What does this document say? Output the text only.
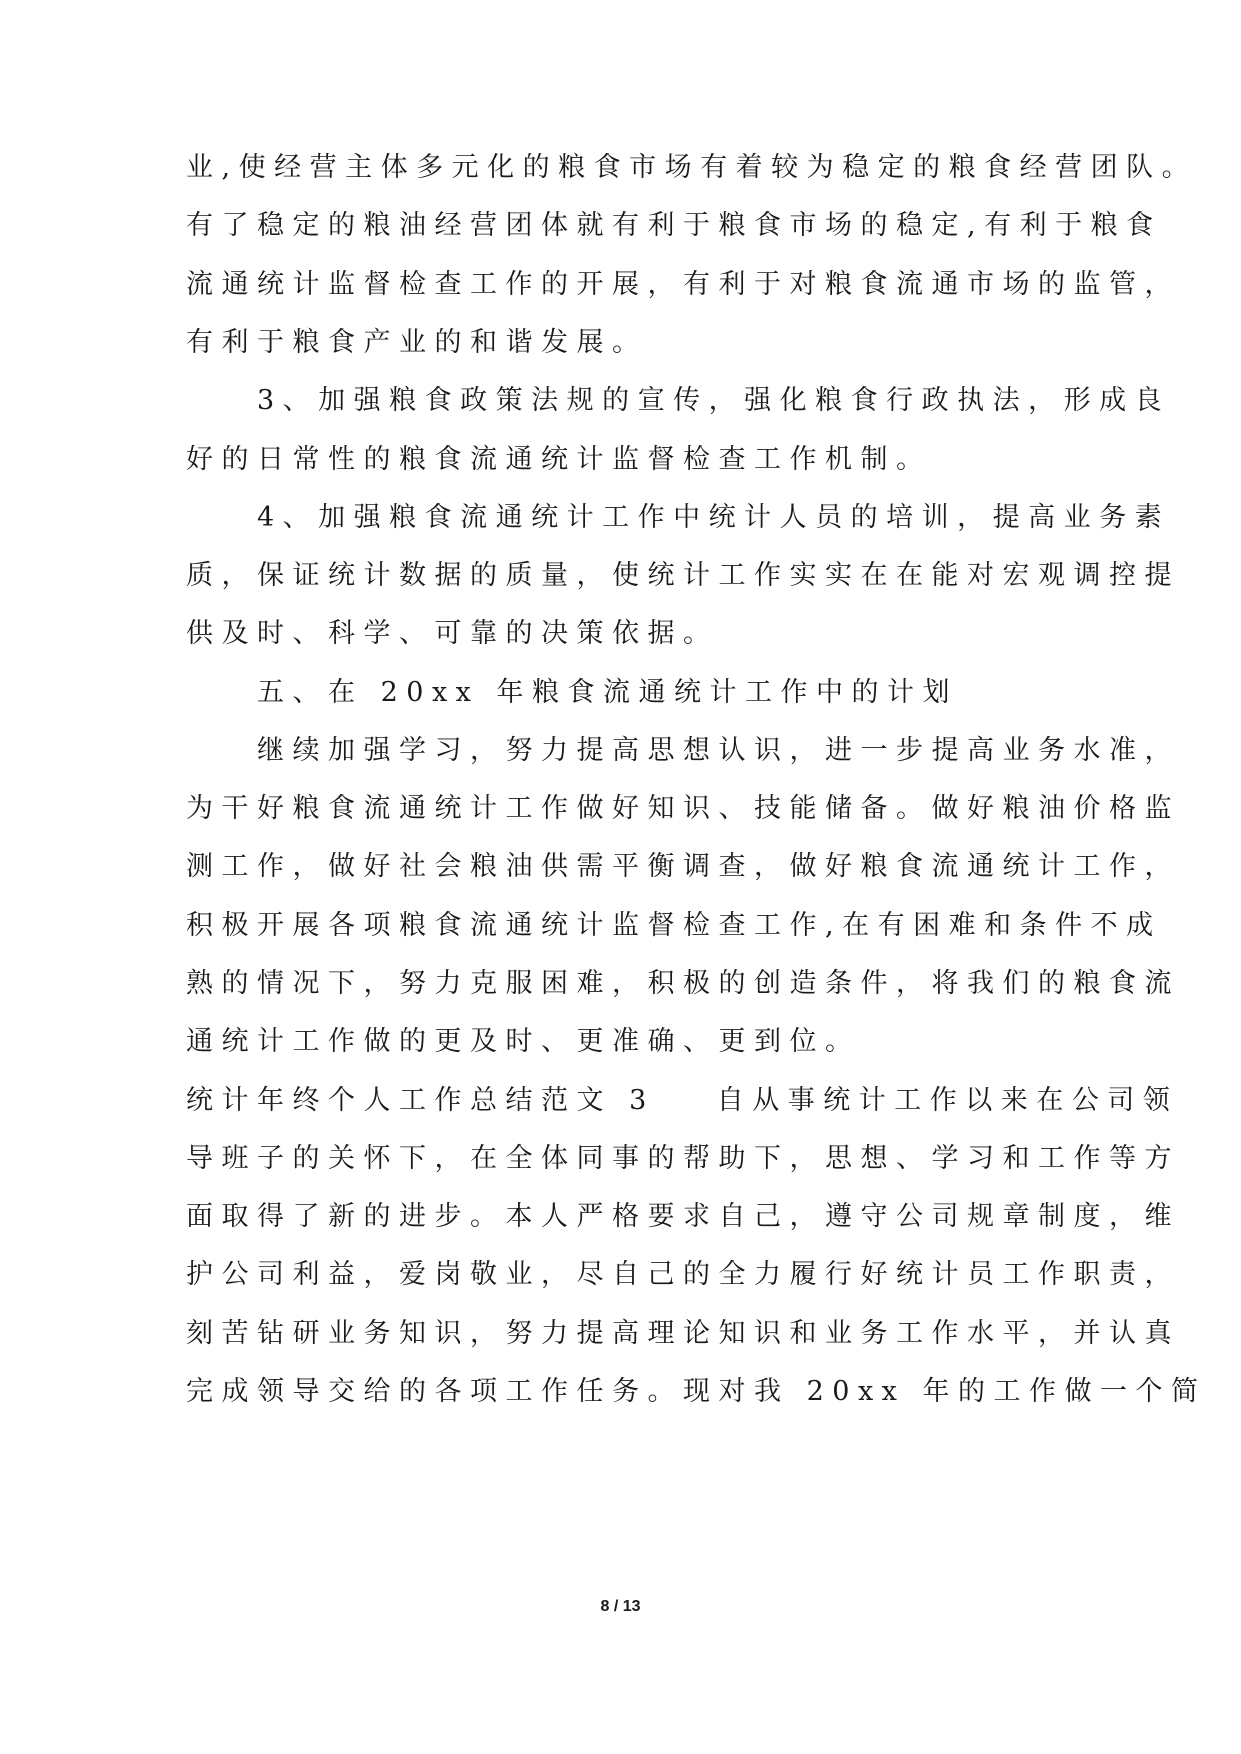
业,使经营主体多元化的粮食市场有着较为稳定的粮食经营团队。
有了稳定的粮油经营团体就有利于粮食市场的稳定,有利于粮食
流通统计监督检查工作的开展，有利于对粮食流通市场的监管，
有利于粮食产业的和谐发展。
　　3、加强粮食政策法规的宣传，强化粮食行政执法，形成良
好的日常性的粮食流通统计监督检查工作机制。
　　4、加强粮食流通统计工作中统计人员的培训，提高业务素
质，保证统计数据的质量，使统计工作实实在在能对宏观调控提
供及时、科学、可靠的决策依据。
　　五、在 20xx 年粮食流通统计工作中的计划
　　继续加强学习，努力提高思想认识，进一步提高业务水准，
为干好粮食流通统计工作做好知识、技能储备。做好粮油价格监
测工作，做好社会粮油供需平衡调查，做好粮食流通统计工作，
积极开展各项粮食流通统计监督检查工作,在有困难和条件不成
熟的情况下，努力克服困难，积极的创造条件，将我们的粮食流
通统计工作做的更及时、更准确、更到位。
统计年终个人工作总结范文 3 自从事统计工作以来在公司领
导班子的关怀下，在全体同事的帮助下，思想、学习和工作等方
面取得了新的进步。本人严格要求自己，遵守公司规章制度，维
护公司利益，爱岗敬业，尽自己的全力履行好统计员工作职责，
刻苦钻研业务知识，努力提高理论知识和业务工作水平，并认真
完成领导交给的各项工作任务。现对我 20xx 年的工作做一个简
8 / 13
